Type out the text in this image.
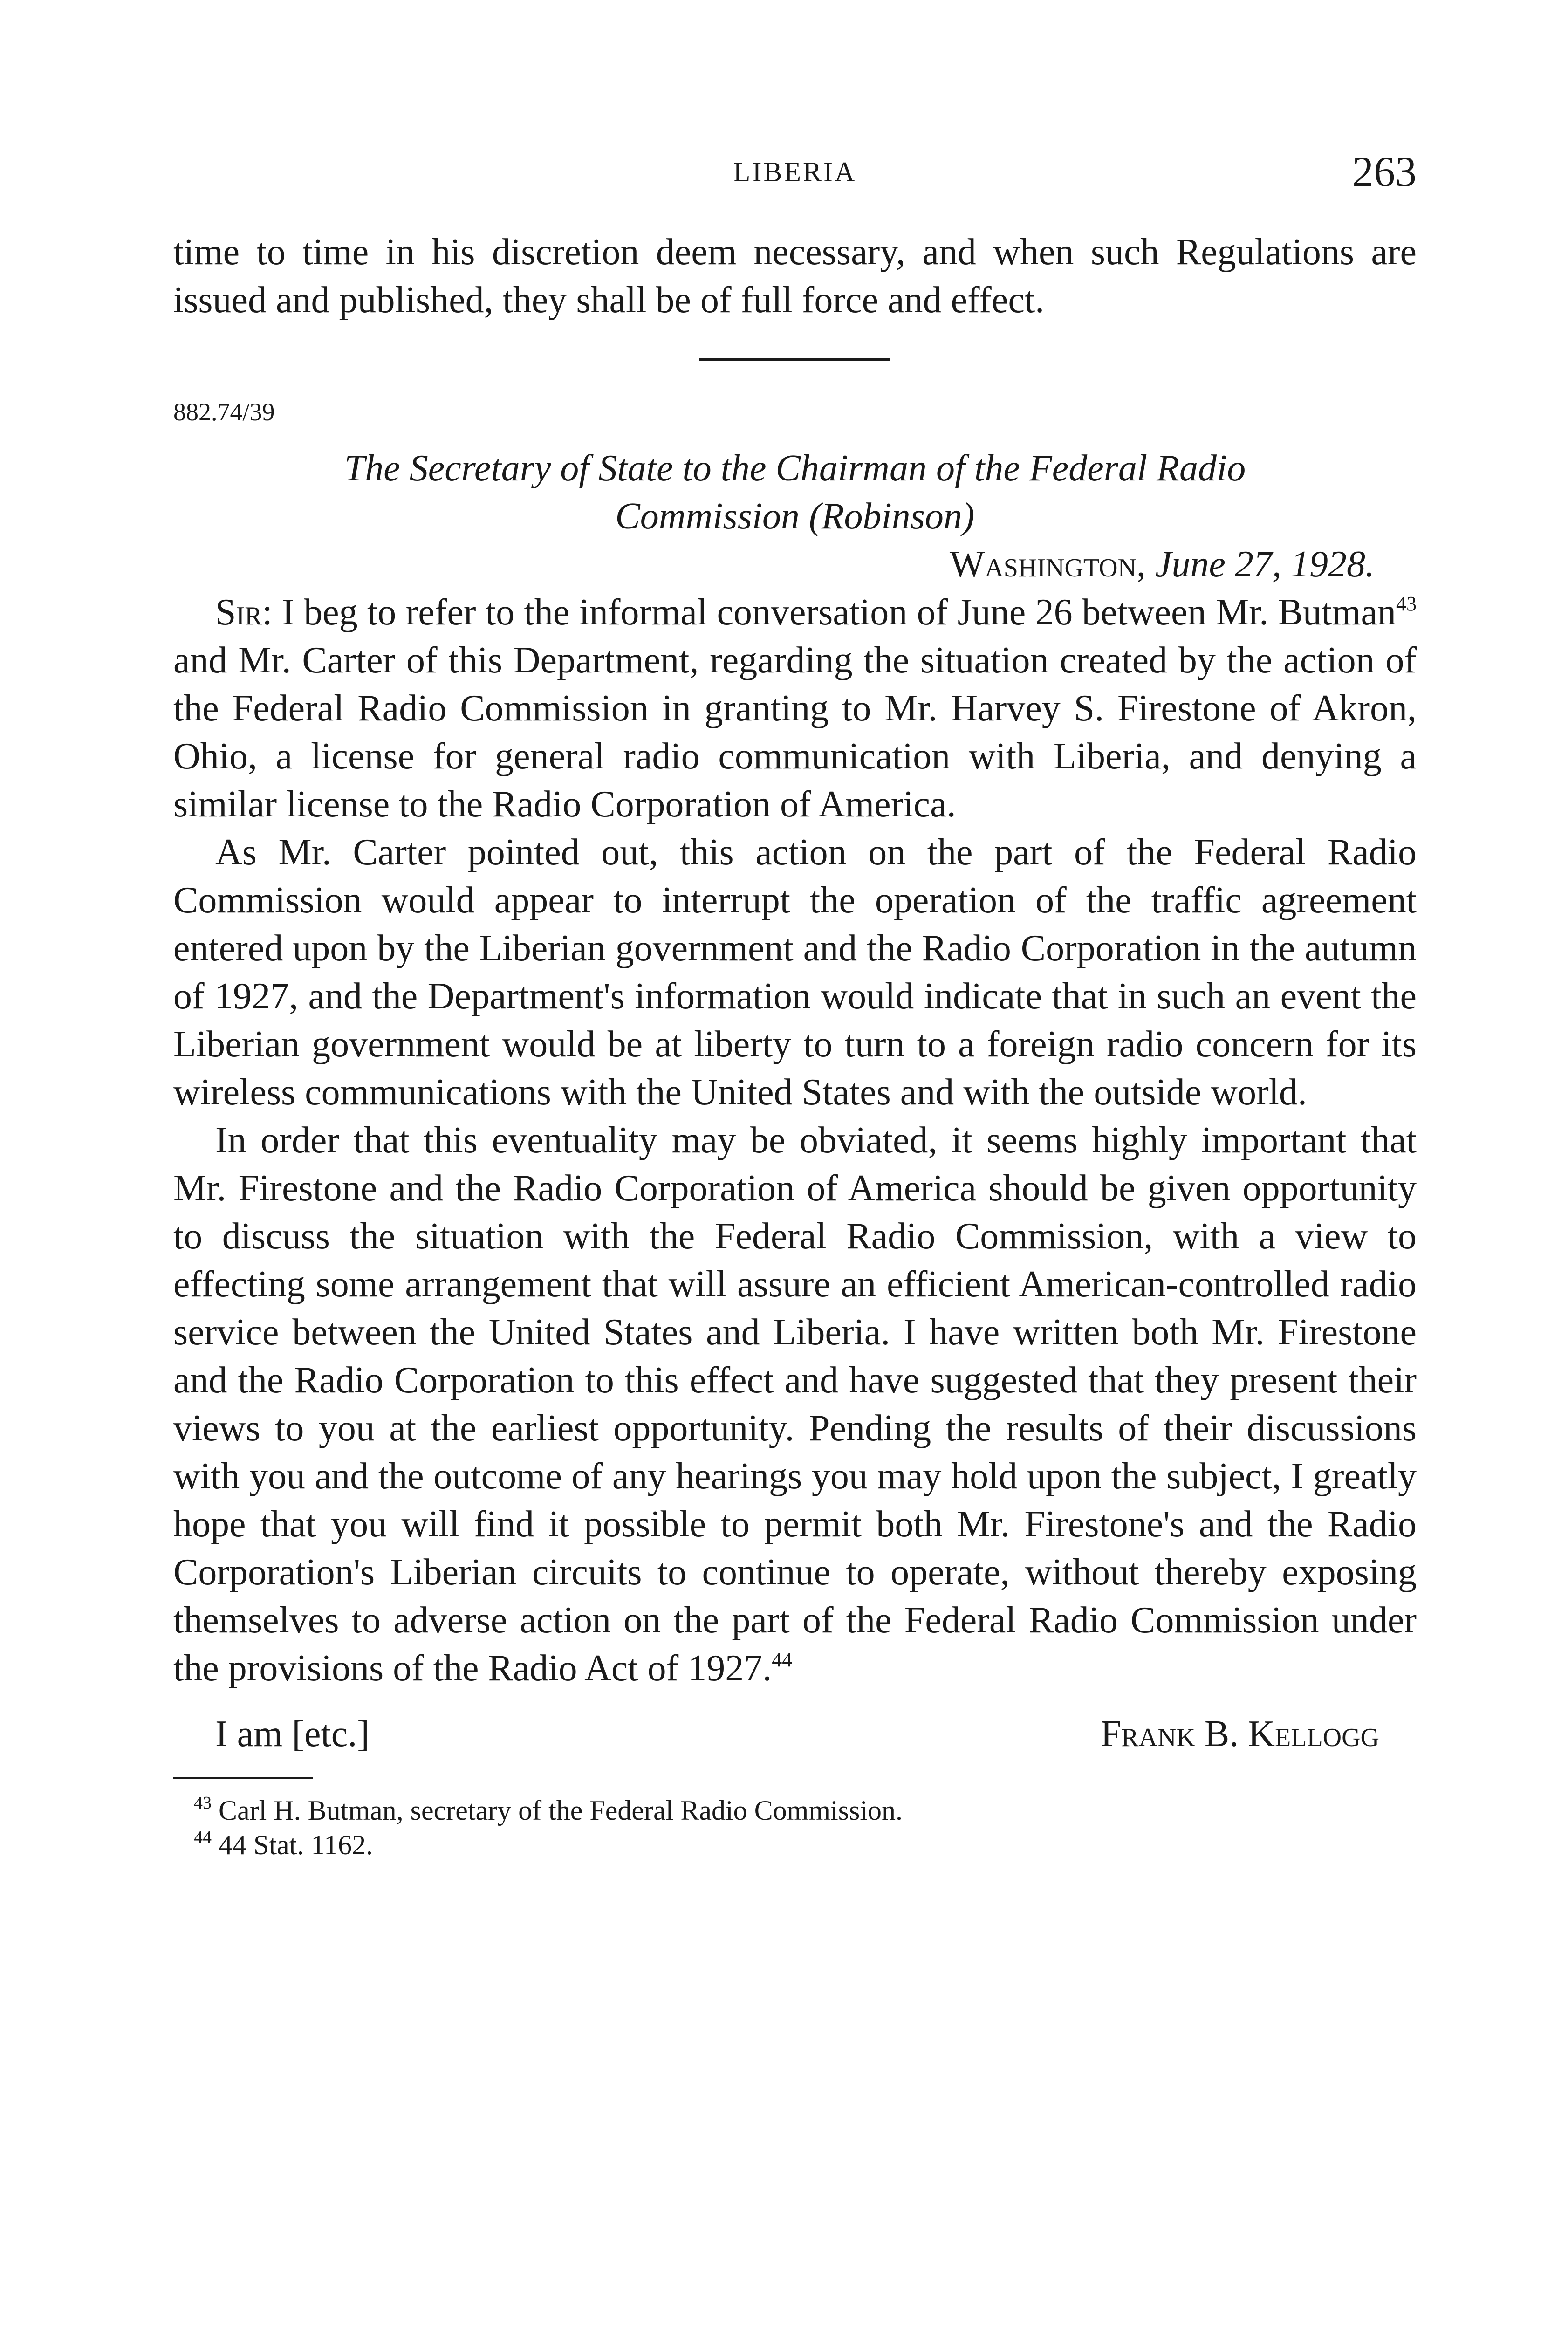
LIBERIA	263

time to time in his discretion deem necessary, and when such Regulations are issued and published, they shall be of full force and effect.

882.74/39
The Secretary of State to the Chairman of the Federal Radio
Commission (Robinson)
Washington, June 27, 1928.

Sir: I beg to refer to the informal conversation of June 26 between Mr. Butman$^{43}$ and Mr. Carter of this Department, regarding the situation created by the action of the Federal Radio Commission in granting to Mr. Harvey S. Firestone of Akron, Ohio, a license for general radio communication with Liberia, and denying a similar license to the Radio Corporation of America.

As Mr. Carter pointed out, this action on the part of the Federal Radio Commission would appear to interrupt the operation of the traffic agreement entered upon by the Liberian government and the Radio Corporation in the autumn of 1927, and the Department's information would indicate that in such an event the Liberian government would be at liberty to turn to a foreign radio concern for its wireless communications with the United States and with the outside world.

In order that this eventuality may be obviated, it seems highly important that Mr. Firestone and the Radio Corporation of America should be given opportunity to discuss the situation with the Federal Radio Commission, with a view to effecting some arrangement that will assure an efficient American-controlled radio service between the United States and Liberia. I have written both Mr. Firestone and the Radio Corporation to this effect and have suggested that they present their views to you at the earliest opportunity. Pending the results of their discussions with you and the outcome of any hearings you may hold upon the subject, I greatly hope that you will find it possible to permit both Mr. Firestone's and the Radio Corporation's Liberian circuits to continue to operate, without thereby exposing themselves to adverse action on the part of the Federal Radio Commission under the provisions of the Radio Act of 1927.44

I am [etc.]	Frank B. Kellogg
$^{43}$ Carl H. Butman, secretary of the Federal Radio Commission.
$^{44}$ 44 Stat. 1162.
